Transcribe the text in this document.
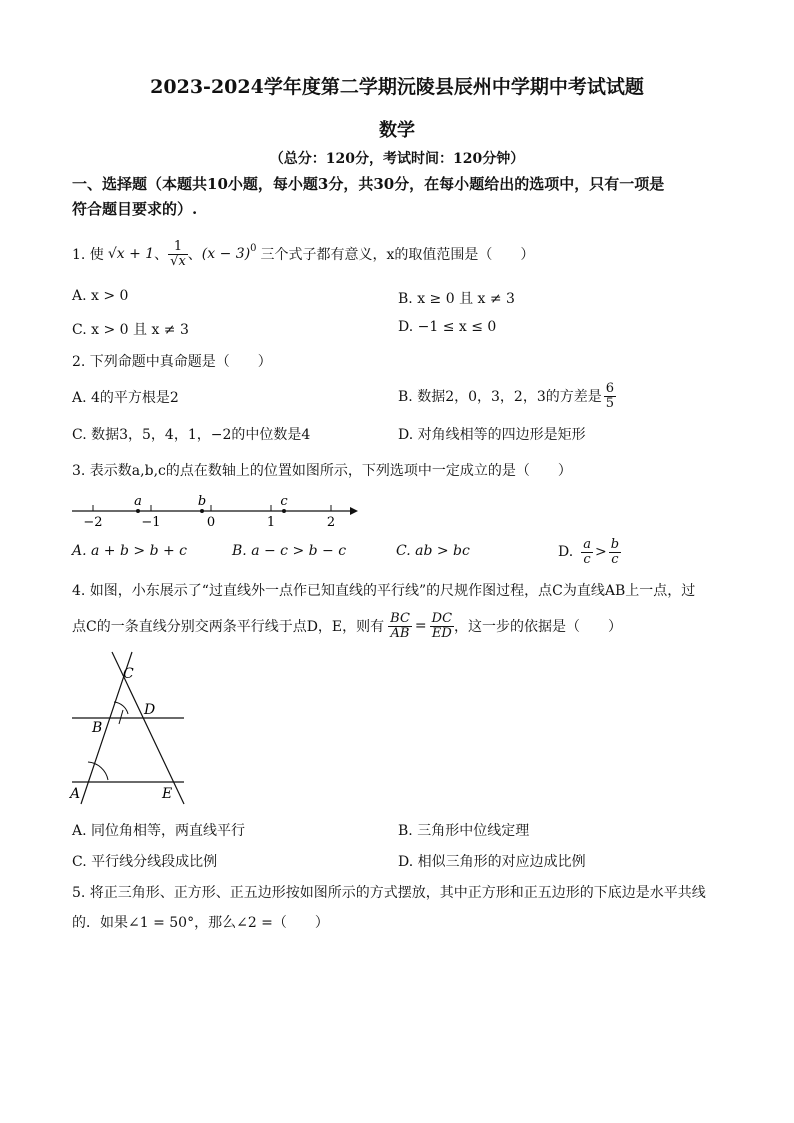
2023-2024学年度第二学期沅陵县辰州中学期中考试试题
数学
（总分：120分，考试时间：120分钟）
一、选择题（本题共10小题，每小题3分，共30分，在每小题给出的选项中，只有一项是
符合题目要求的）.
1. 使 √x + 1 、 $\frac{1}{√x}$ 、 $(x - 3)^0$ 三个式子都有意义，x的取值范围是（　　）
A. x > 0	B. x ≥ 0 且 x ≠ 3
C. x > 0 且 x ≠ 3	D. −1 ≤ x ≤ 0
2. 下列命题中真命题是（　　）
A. 4的平方根是2	B. 数据2，0，3，2，3的方差是 $\frac{6}{5}$
C. 数据3，5，4，1，−2的中位数是4	D. 对角线相等的四边形是矩形
3. 表示数a,b,c的点在数轴上的位置如图所示，下列选项中一定成立的是（　　）
−2	−1	0	1	2
a	b	c
A. a + b > b + c	B. a − c > b − c	C. ab > bc	D. $\frac{a}{c} > \frac{b}{c}$
4. 如图，小东展示了“过直线外一点作已知直线的平行线”的尺规作图过程，点C为直线AB上一点，过
点C的一条直线分别交两条平行线于点D，E，则有 $\frac{BC}{AB} = \frac{DC}{ED}$ ，这一步的依据是（　　）
C
D
B
A	E
A. 同位角相等，两直线平行	B. 三角形中位线定理
C. 平行线分线段成比例	D. 相似三角形的对应边成比例
5. 将正三角形、正方形、正五边形按如图所示的方式摆放，其中正方形和正五边形的下底边是水平共线
的．如果∠1 = 50°，那么∠2 =（　　）
